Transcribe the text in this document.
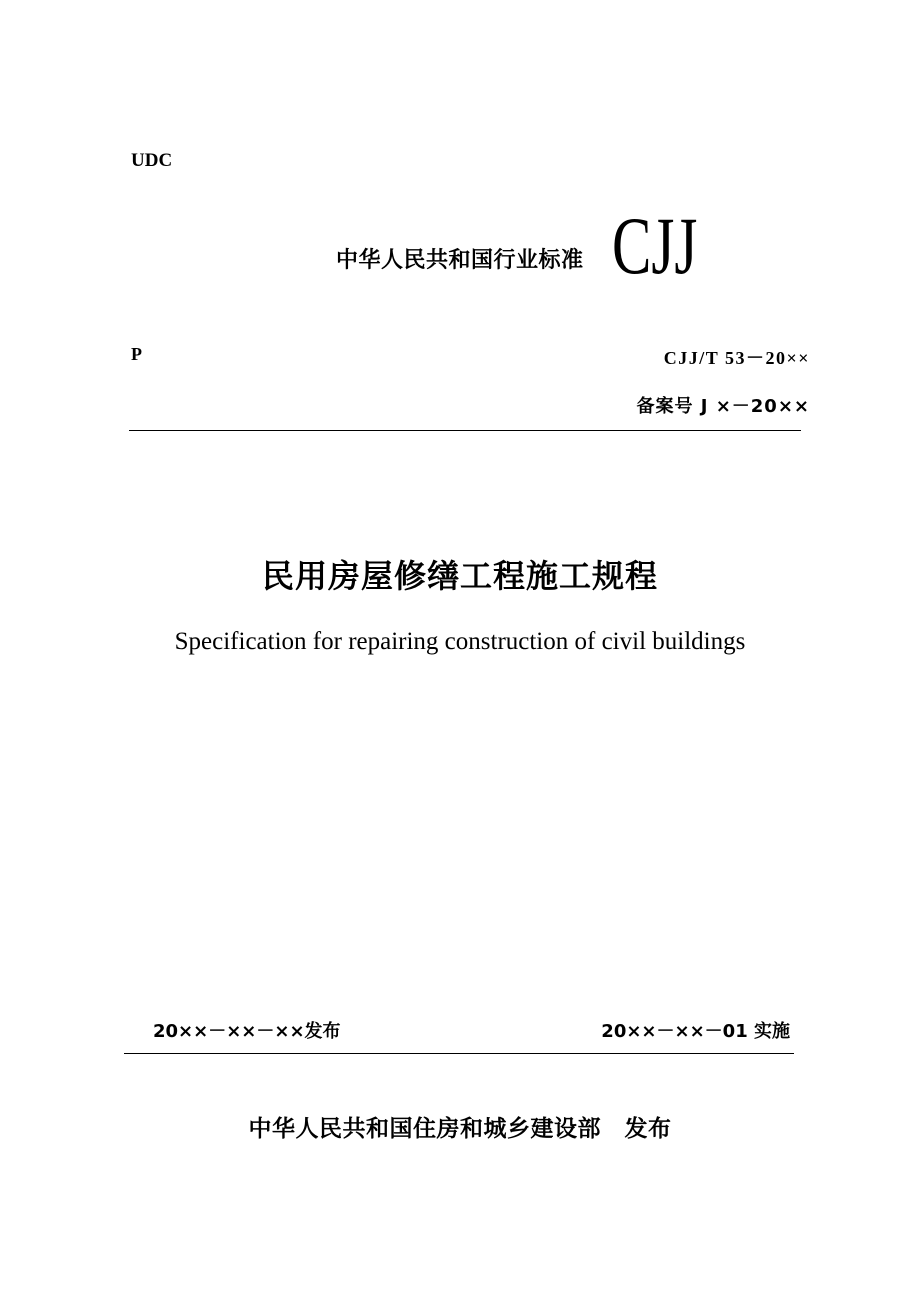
UDC
中华人民共和国行业标准 CJJ
P	CJJ/T 53－20××
备案号 J ×－20××
民用房屋修缮工程施工规程
Specification for repairing construction of civil buildings
20××－××－××发布	20××－××－01 实施
中华人民共和国住房和城乡建设部　发布
